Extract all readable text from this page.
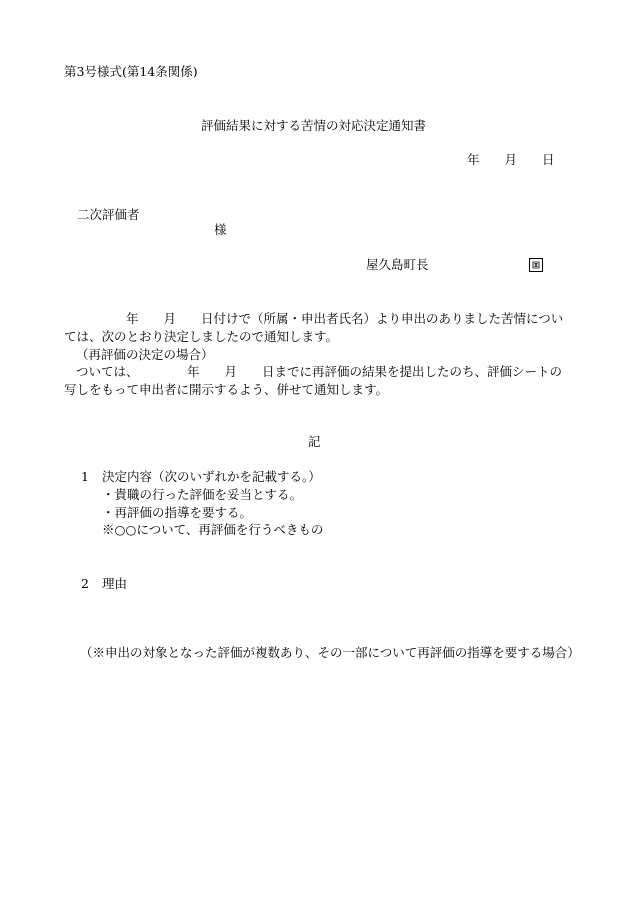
第3号様式(第14条関係)
評価結果に対する苦情の対応決定通知書
年　　月　　日
二次評価者
様
屋久島町長
年　　月　　日付けで（所属・申出者氏名）より申出のありました苦情につい
ては、次のとおり決定しましたので通知します。
（再評価の決定の場合）
ついては、	年　　月　　日までに再評価の結果を提出したのち、評価シートの
写しをもって申出者に開示するよう、併せて通知します。
記
1 決定内容（次のいずれかを記載する。）
・貴職の行った評価を妥当とする。
・再評価の指導を要する。
※○○について、再評価を行うべきもの
2 理由
（※申出の対象となった評価が複数あり、その一部について再評価の指導を要する場合）
